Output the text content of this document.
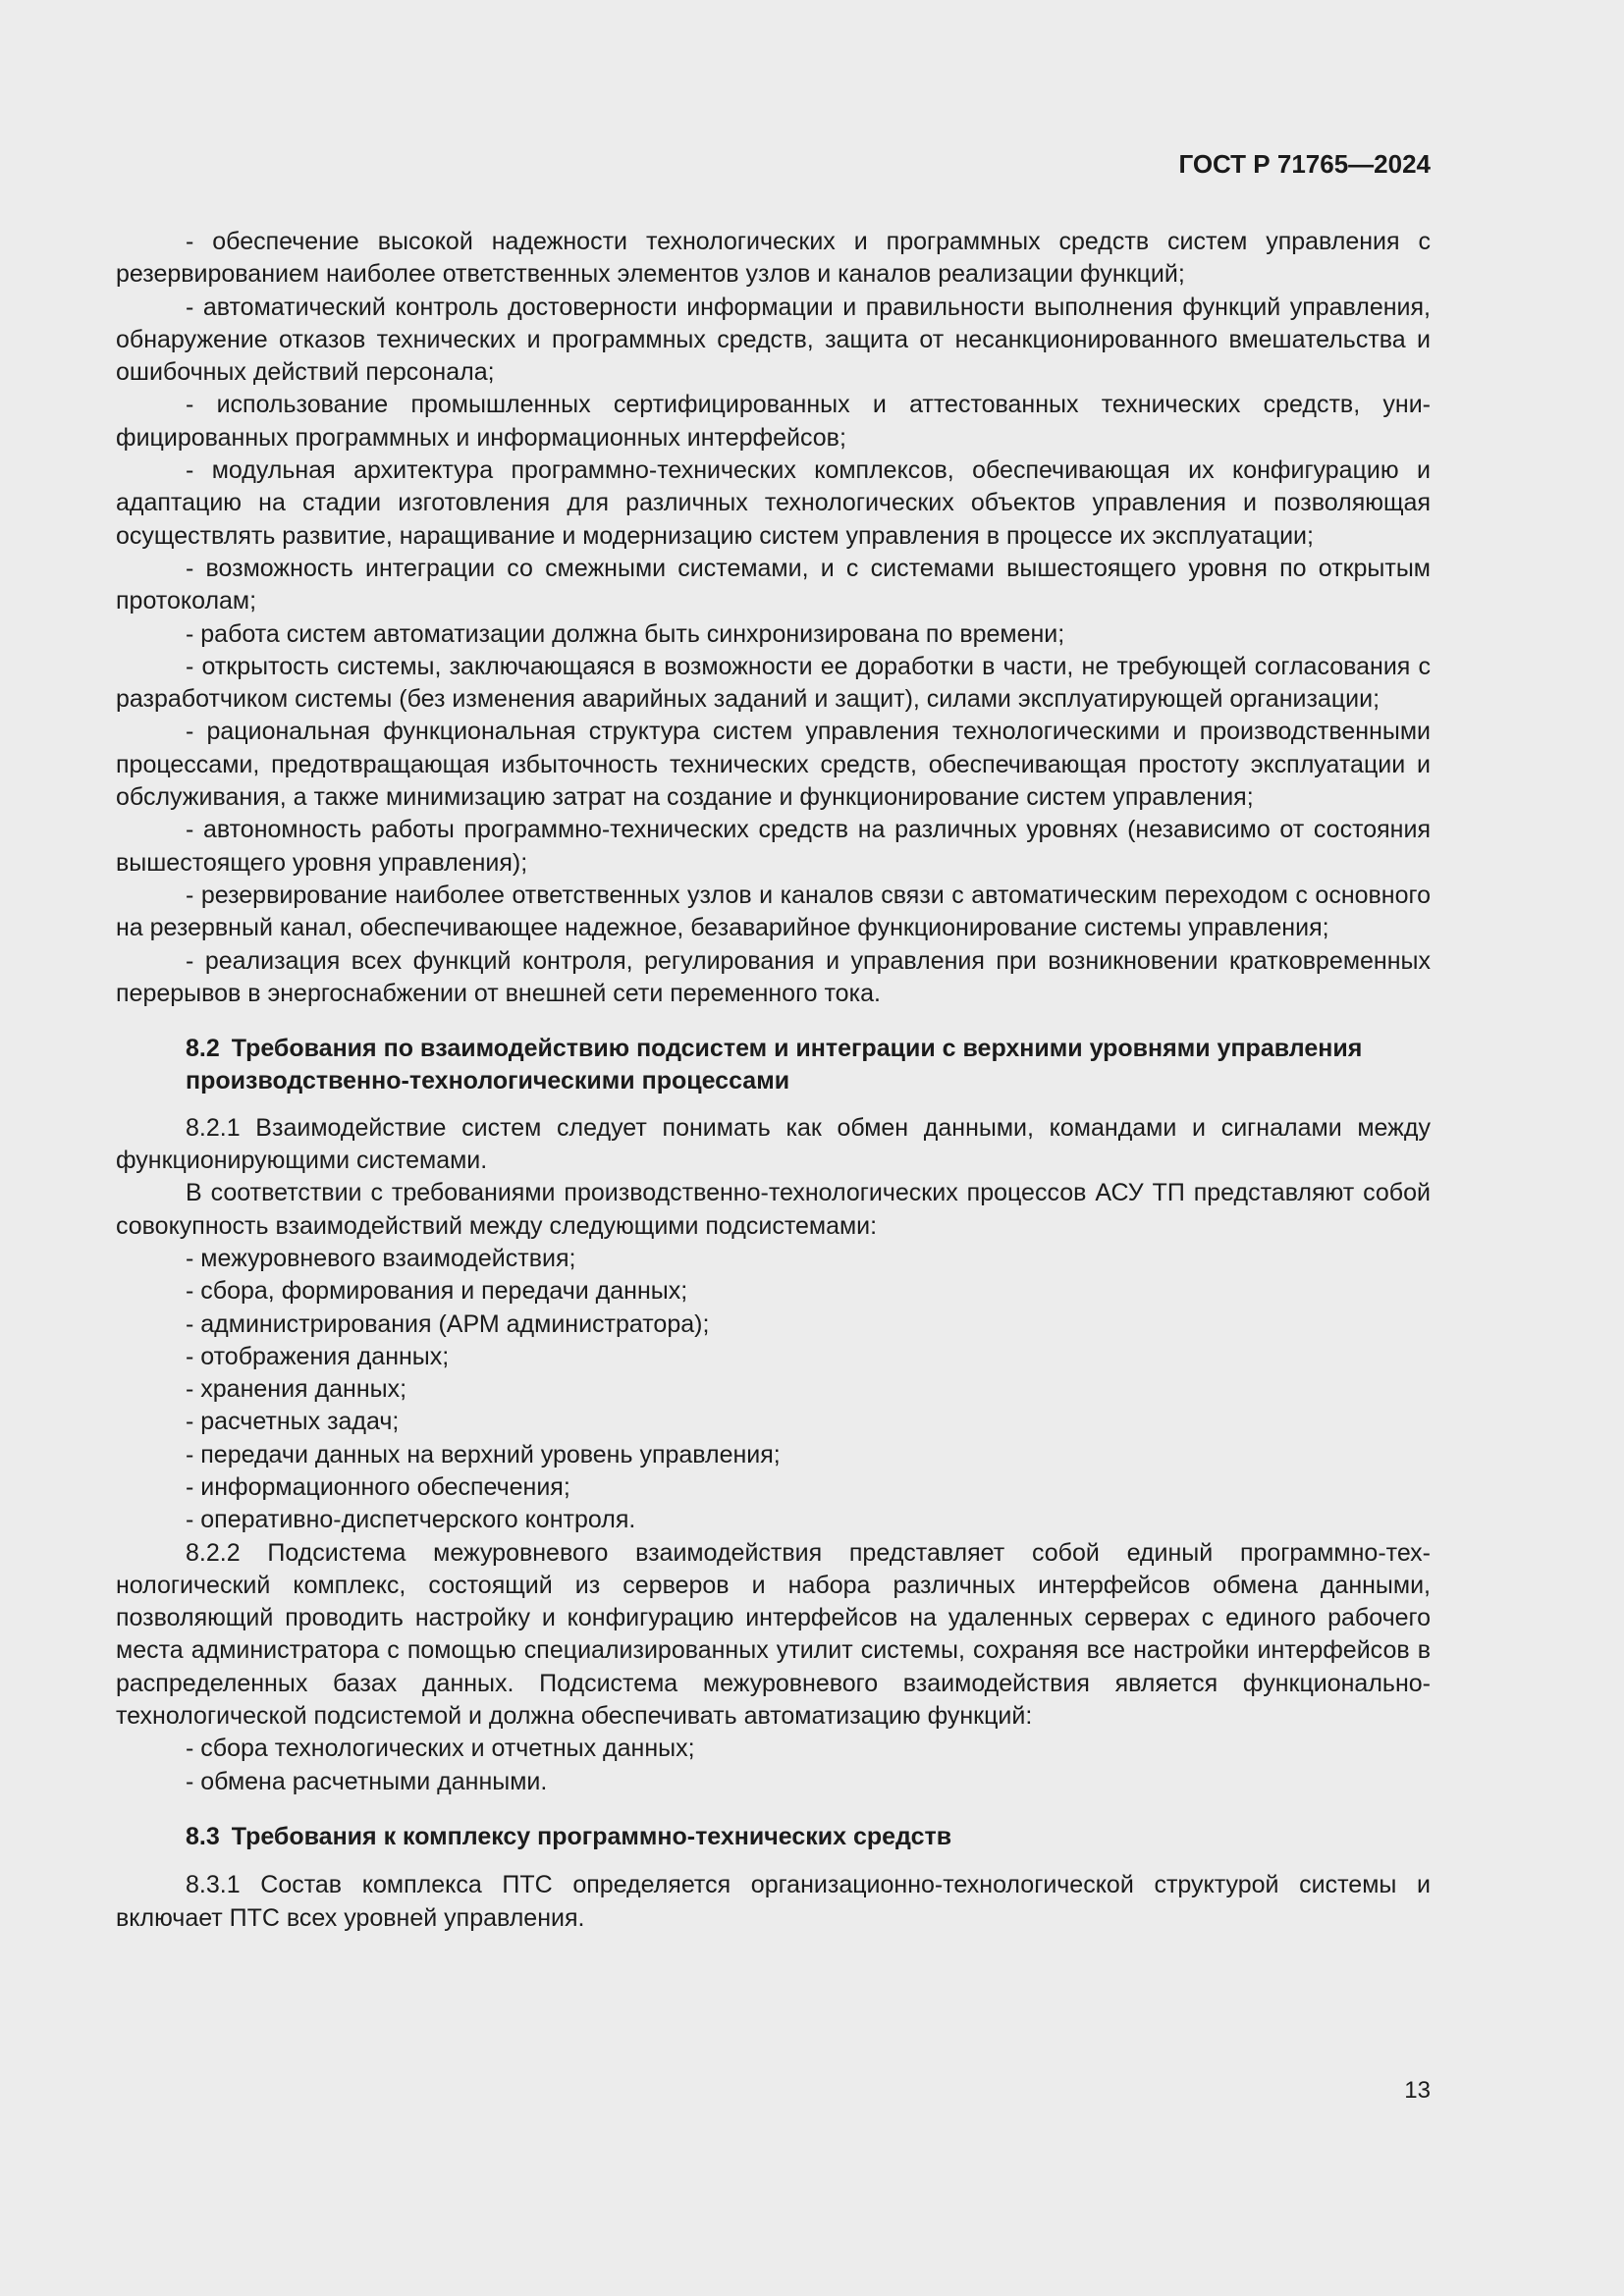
ГОСТ Р 71765—2024

- обеспечение высокой надежности технологических и программных средств систем управления с резервированием наиболее ответственных элементов узлов и каналов реализации функций;

- автоматический контроль достоверности информации и правильности выполнения функций управления, обнаружение отказов технических и программных средств, защита от несанкционированного вмешательства и ошибочных действий персонала;

- использование промышленных сертифицированных и аттестованных технических средств, унифицированных программных и информационных интерфейсов;

- модульная архитектура программно-технических комплексов, обеспечивающая их конфигурацию и адаптацию на стадии изготовления для различных технологических объектов управления и позволяющая осуществлять развитие, наращивание и модернизацию систем управления в процессе их эксплуатации;

- возможность интеграции со смежными системами, и с системами вышестоящего уровня по открытым протоколам;

- работа систем автоматизации должна быть синхронизирована по времени;

- открытость системы, заключающаяся в возможности ее доработки в части, не требующей согласования с разработчиком системы (без изменения аварийных заданий и защит), силами эксплуатирующей организации;

- рациональная функциональная структура систем управления технологическими и производственными процессами, предотвращающая избыточность технических средств, обеспечивающая простоту эксплуатации и обслуживания, а также минимизацию затрат на создание и функционирование систем управления;

- автономность работы программно-технических средств на различных уровнях (независимо от состояния вышестоящего уровня управления);

- резервирование наиболее ответственных узлов и каналов связи с автоматическим переходом с основного на резервный канал, обеспечивающее надежное, безаварийное функционирование системы управления;

- реализация всех функций контроля, регулирования и управления при возникновении кратковременных перерывов в энергоснабжении от внешней сети переменного тока.

8.2 Требования по взаимодействию подсистем и интеграции с верхними уровнями управления производственно-технологическими процессами

8.2.1 Взаимодействие систем следует понимать как обмен данными, командами и сигналами между функционирующими системами.

В соответствии с требованиями производственно-технологических процессов АСУ ТП представляют собой совокупность взаимодействий между следующими подсистемами:

- межуровневого взаимодействия;

- сбора, формирования и передачи данных;

- администрирования (АРМ администратора);

- отображения данных;

- хранения данных;

- расчетных задач;

- передачи данных на верхний уровень управления;

- информационного обеспечения;

- оперативно-диспетчерского контроля.

8.2.2 Подсистема межуровневого взаимодействия представляет собой единый программно-технологический комплекс, состоящий из серверов и набора различных интерфейсов обмена данными, позволяющий проводить настройку и конфигурацию интерфейсов на удаленных серверах с единого рабочего места администратора с помощью специализированных утилит системы, сохраняя все настройки интерфейсов в распределенных базах данных. Подсистема межуровневого взаимодействия является функционально-технологической подсистемой и должна обеспечивать автоматизацию функций:

- сбора технологических и отчетных данных;

- обмена расчетными данными.

8.3 Требования к комплексу программно-технических средств

8.3.1 Состав комплекса ПТС определяется организационно-технологической структурой системы и включает ПТС всех уровней управления.

13
